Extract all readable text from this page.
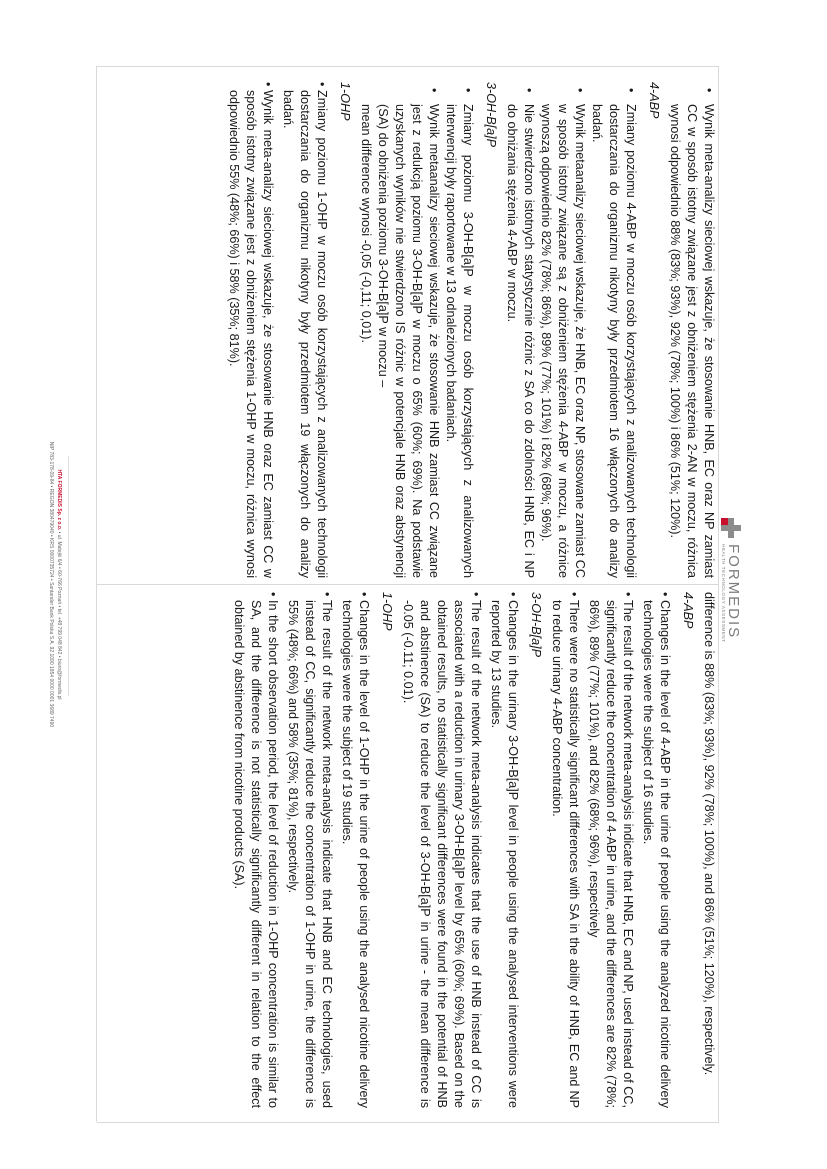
FORMEDIS
HEALTH TECHNOLOGY ASSESSMENT

• Wynik meta-analizy sieciowej wskazuje, że stosowanie HNB, EC oraz NP zamiast CC w sposób istotny związane jest z obniżeniem stężenia 2-AN w moczu, różnica wynosi odpowiednio 88% (83%; 93%), 92% (78%; 100%) i 86% (51%; 120%).

4-ABP

• Zmiany poziomu 4-ABP w moczu osób korzystających z analizowanych technologii dostarczania do organizmu nikotyny były przedmiotem 16 włączonych do analizy badań.

• Wynik metaanalizy sieciowej wskazuje, że HNB, EC oraz NP, stosowane zamiast CC w sposób istotny związane są z obniżeniem stężenia 4-ABP w moczu, a różnice wynoszą odpowiednio 82% (78%; 86%), 89% (77%; 101%) i 82% (68%; 96%).

• Nie stwierdzono istotnych statystycznie różnic z SA co do zdolności HNB, EC i NP do obniżania stężenia 4-ABP w moczu.

3-OH-B[a]P

• Zmiany poziomu 3-OH-B[a]P w moczu osób korzystających z analizowanych interwencji były raportowane w 13 odnalezionych badaniach.

• Wynik metaanalizy sieciowej wskazuje, że stosowanie HNB zamiast CC związane jest z redukcją poziomu 3-OH-B[a]P w moczu o 65% (60%; 69%). Na podstawie uzyskanych wyników nie stwierdzono IS różnic w potencjale HNB oraz abstynencji (SA) do obniżenia poziomu 3-OH-B[a]P w moczu –

mean difference wynosi -0,05 (-0,11; 0,01).

1-OHP

• Zmiany poziomu 1-OHP w moczu osób korzystających z analizowanych technologii dostarczania do organizmu nikotyny były przedmiotem 19 włączonych do analizy badań.

• Wynik meta-analizy sieciowej wskazuje, że stosowanie HNB oraz EC zamiast CC w sposób istotny związane jest z obniżeniem stężenia 1-OHP w moczu, różnica wynosi odpowiednio 55% (48%; 66%) i 58% (35%; 81%).

difference is 88% (83%; 93%), 92% (78%; 100%), and 86% (51%; 120%), respectively.

4-ABP

• Changes in the level of 4-ABP in the urine of people using the analyzed nicotine delivery technologies were the subject of 16 studies.

• The result of the network meta-analysis indicate that HNB, EC and NP, used instead of CC, significantly reduce the concentration of 4-ABP in urine, and the differences are 82% (78%; 86%), 89% (77%; 101%), and 82% (68%; 96%), respectively

• There were no statistically significant differences with SA in the ability of HNB, EC and NP to reduce urinary 4-ABP concentration.

3-OH-B[a]P

• Changes in the urinary 3-OH-B[a]P level in people using the analysed interventions were reported by 13 studies.

• The result of the network meta-analysis indicates that the use of HNB instead of CC is associated with a reduction in urinary 3-OH-B[a]P level by 65% (60%; 69%). Based on the obtained results, no statistically significant differences were found in the potential of HNB and abstinence (SA) to reduce the level of 3-OH-B[a]P in urine - the mean difference is -0.05 (-0.11; 0.01).

1-OHP

• Changes in the level of 1-OHP in the urine of people using the analysed nicotine delivery technologies were the subject of 19 studies.

• The result of the network meta-analysis indicate that HNB and EC technologies, used instead of CC, significantly reduce the concentration of 1-OHP in urine, the difference is 55% (48%; 66%) and 58% (35%; 81%), respectively.

• In the short observation period, the level of reduction in 1-OHP concentration is similar to SA, and the difference is not statistically significantly different in relation to the effect obtained by abstinence from nicotine products (SA).

HTA FORMEDIS Sp. z o.o. • ul. Matejki 6/4 • 60-766 Poznań • tel. +48 799 048 842 • biuro@formedis.pl
NIP 783-178-09-84 • REGON 380479040 • KRS 0000735724 • Santander Bank Polska S.A. 92 1090 1854 0000 0001 3689 7490
